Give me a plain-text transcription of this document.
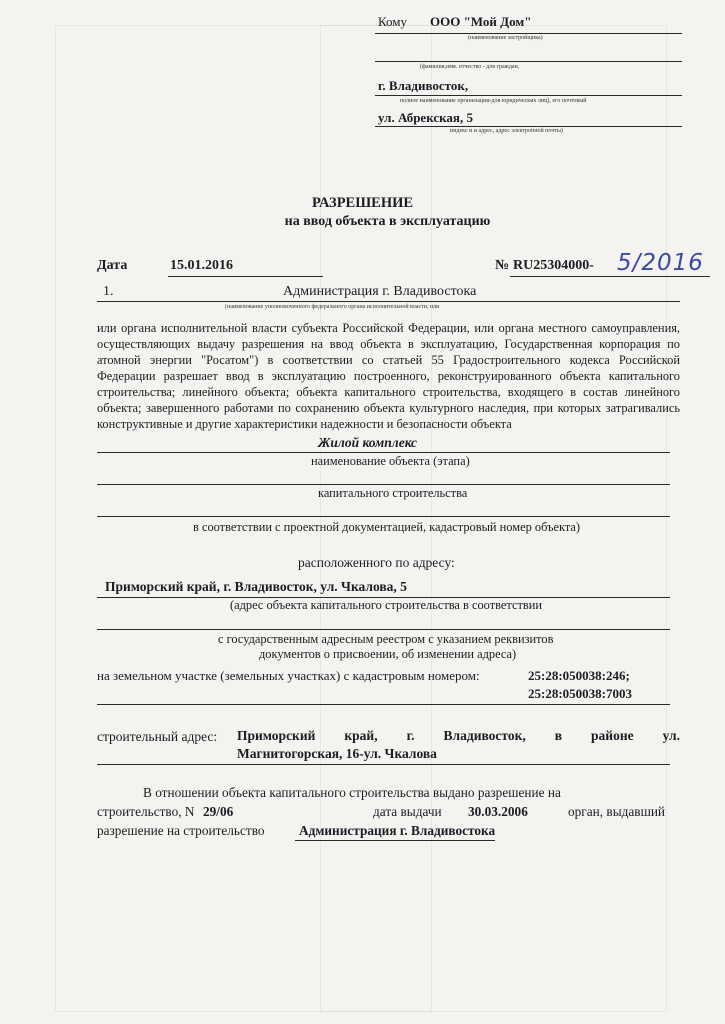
Кому ООО "Мой Дом"
(наименование застройщика)
(фамилия,имя. отчество - для граждан,
г. Владивосток,
полное наименование организации-для юридических лиц), его почтовый
ул. Абрекская, 5
индекс и и адрес, адрес электронной почты)
РАЗРЕШЕНИЕ
на ввод объекта в эксплуатацию
Дата	15.01.2016	№ RU25304000- 5/2016
1.	Администрация г. Владивостока
(наименование уполномоченного федерального органа исполнительной власти, или
или органа исполнительной власти субъекта Российской Федерации, или органа местного самоуправления, осуществляющих выдачу разрешения на ввод объекта в эксплуатацию, Государственная корпорация по атомной энергии "Росатом") в соответствии со статьей 55 Градостроительного кодекса Российской Федерации разрешает ввод в эксплуатацию построенного, реконструированного объекта капитального строительства; линейного объекта; объекта капитального строительства, входящего в состав линейного объекта; завершенного работами по сохранению объекта культурного наследия, при которых затрагивались конструктивные и другие характеристики надежности и безопасности объекта
Жилой комплекс
наименование объекта (этапа)
капитального строительства
в соответствии с проектной документацией, кадастровый номер объекта)
расположенного по адресу:
Приморский край, г. Владивосток, ул. Чкалова, 5
(адрес объекта капитального строительства в соответствии
с государственным адресным реестром с указанием реквизитов
документов о присвоении, об изменении адреса)
на земельном участке (земельных участках) с кадастровым номером:	25:28:050038:246;
25:28:050038:7003
строительный адрес: Приморский край, г. Владивосток, в районе ул.
Магнитогорская, 16-ул. Чкалова
В отношении объекта капитального строительства выдано разрешение на
строительство, N 29/06	дата выдачи 30.03.2006	орган, выдавший
разрешение на строительство	Администрация г. Владивостока
